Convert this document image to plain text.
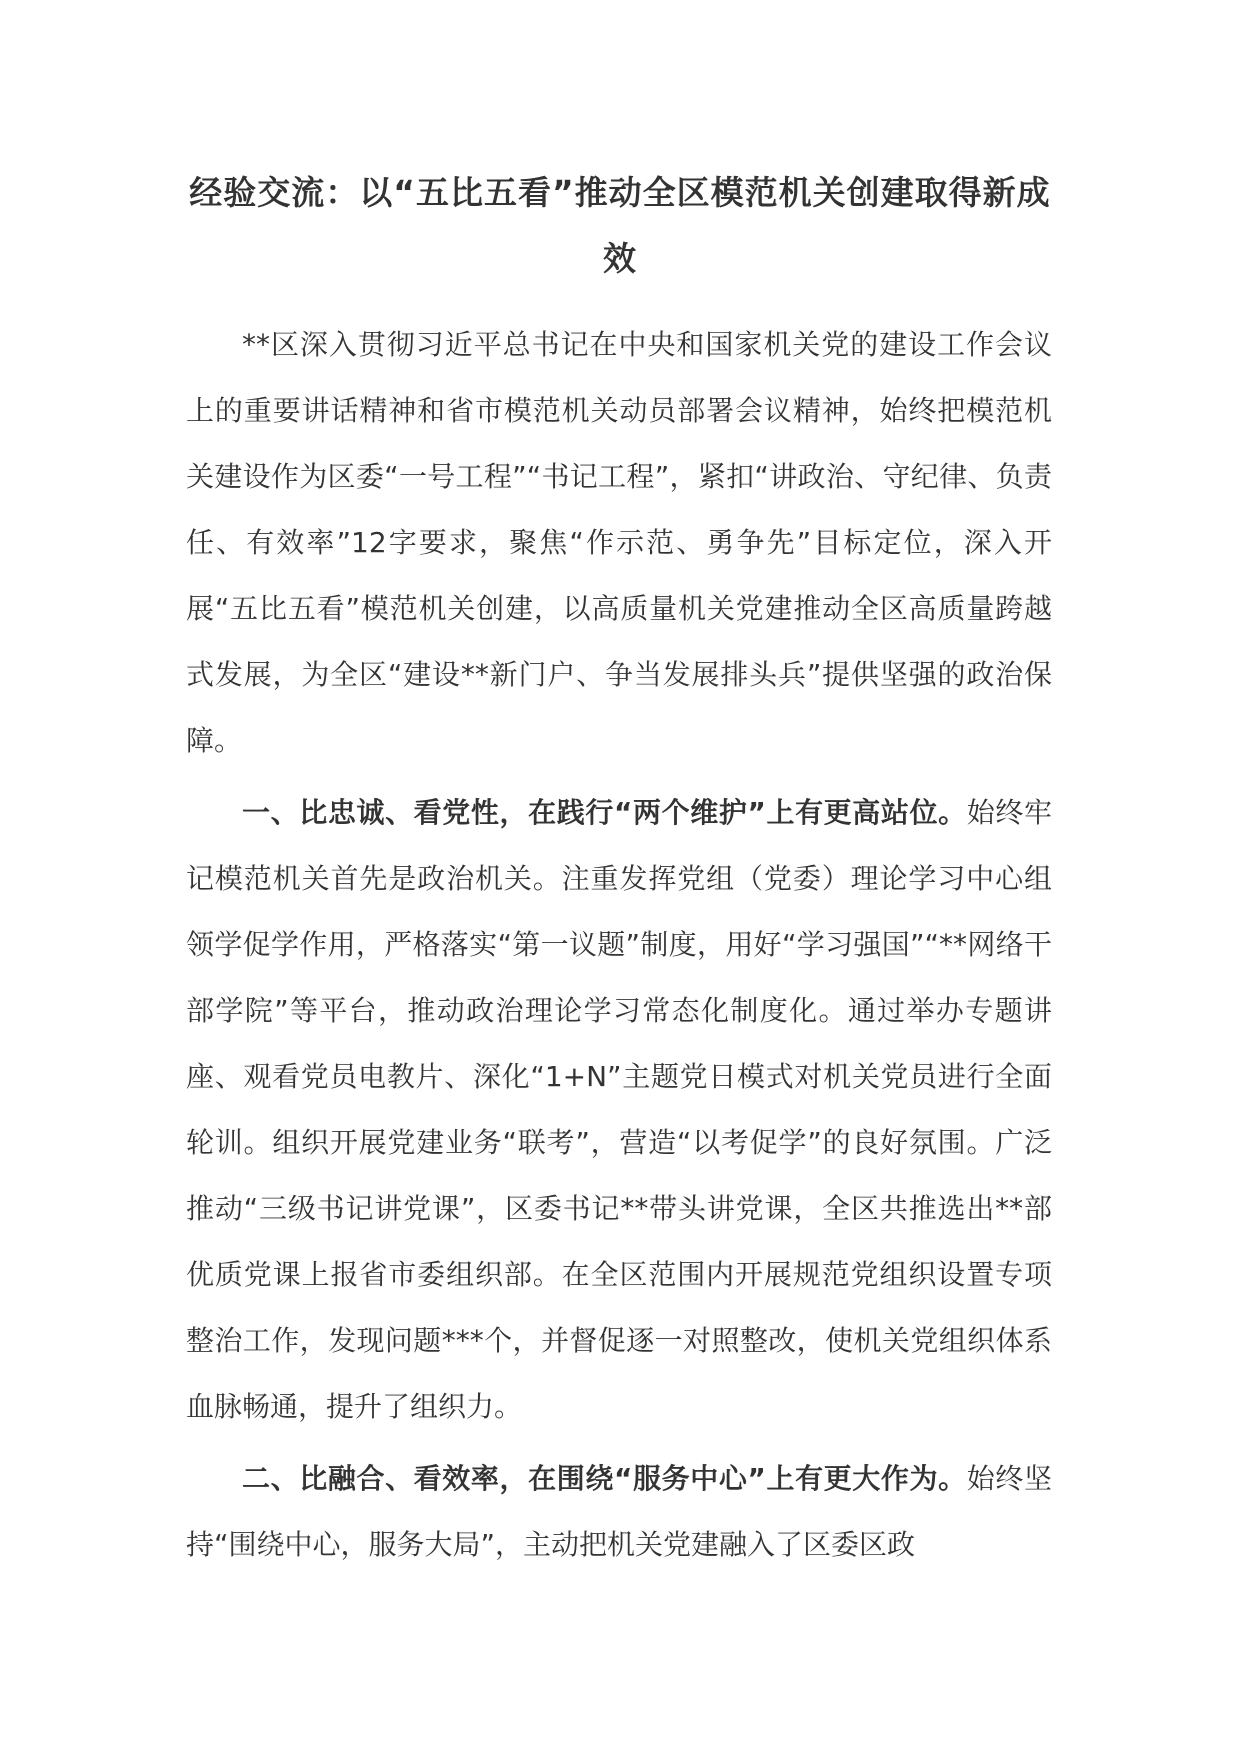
经验交流：以“五比五看”推动全区模范机关创建取得新成效
**区深入贯彻习近平总书记在中央和国家机关党的建设工作会议上的重要讲话精神和省市模范机关动员部署会议精神，始终把模范机关建设作为区委“一号工程”“书记工程”，紧扣“讲政治、守纪律、负责任、有效率”12字要求，聚焦“作示范、勇争先”目标定位，深入开展“五比五看”模范机关创建，以高质量机关党建推动全区高质量跨越式发展，为全区“建设**新门户、争当发展排头兵”提供坚强的政治保障。
一、比忠诚、看党性，在践行“两个维护”上有更高站位。始终牢记模范机关首先是政治机关。注重发挥党组（党委）理论学习中心组领学促学作用，严格落实“第一议题”制度，用好“学习强国”“**网络干部学院”等平台，推动政治理论学习常态化制度化。通过举办专题讲座、观看党员电教片、深化“1+N”主题党日模式对机关党员进行全面轮训。组织开展党建业务“联考”，营造“以考促学”的良好氛围。广泛推动“三级书记讲党课”，区委书记**带头讲党课，全区共推选出**部优质党课上报省市委组织部。在全区范围内开展规范党组织设置专项整治工作，发现问题***个，并督促逐一对照整改，使机关党组织体系血脉畅通，提升了组织力。
二、比融合、看效率，在围绕“服务中心”上有更大作为。始终坚持“围绕中心，服务大局”，主动把机关党建融入了区委区政
